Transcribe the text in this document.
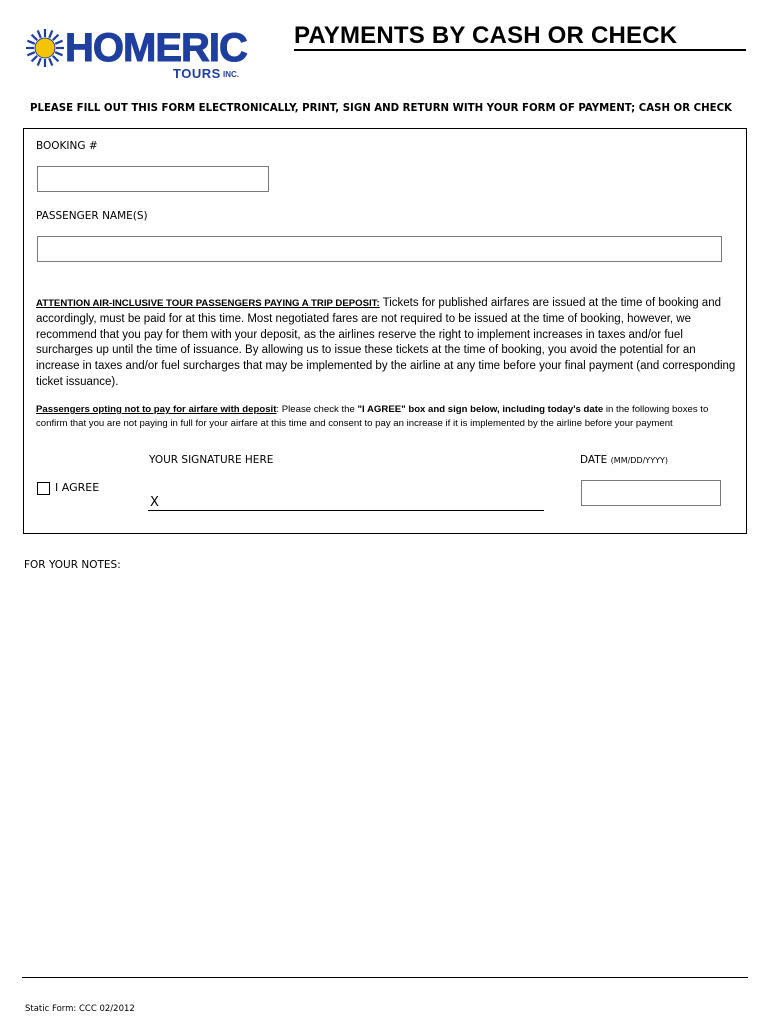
HOMERIC
TOURS INC.
PAYMENTS BY CASH OR CHECK
PLEASE FILL OUT THIS FORM ELECTRONICALLY, PRINT, SIGN AND RETURN WITH YOUR FORM OF PAYMENT; CASH OR CHECK
BOOKING #
PASSENGER NAME(S)
ATTENTION AIR-INCLUSIVE TOUR PASSENGERS PAYING A TRIP DEPOSIT: Tickets for published airfares are issued at the time of booking and accordingly, must be paid for at this time. Most negotiated fares are not required to be issued at the time of booking, however, we recommend that you pay for them with your deposit, as the airlines reserve the right to implement increases in taxes and/or fuel surcharges up until the time of issuance. By allowing us to issue these tickets at the time of booking, you avoid the potential for an increase in taxes and/or fuel surcharges that may be implemented by the airline at any time before your final payment (and corresponding ticket issuance).
Passengers opting not to pay for airfare with deposit: Please check the "I AGREE" box and sign below, including today's date in the following boxes to confirm that you are not paying in full for your airfare at this time and consent to pay an increase if it is implemented by the airline before your payment
YOUR SIGNATURE HERE	DATE (MM/DD/YYYY)
I AGREE
X
FOR YOUR NOTES:
Static Form: CCC 02/2012
